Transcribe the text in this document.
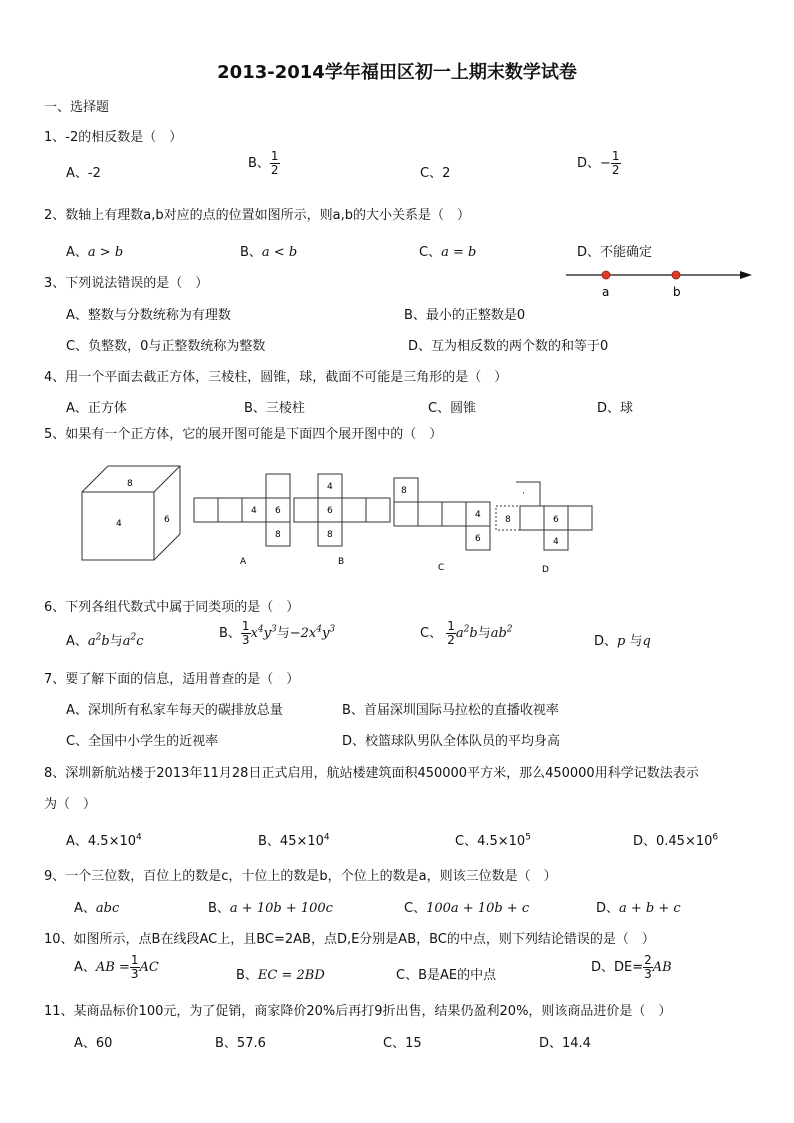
2013-2014学年福田区初一上期末数学试卷
一、选择题
1、-2的相反数是（　）
A、-2
B、 $\frac{1}{2}$	C、2
D、− $\frac{1}{2}$
2、数轴上有理数a,b对应的点的位置如图所示，则a,b的大小关系是（　）
A、a > b	B、a < b	C、a = b	D、不能确定
a	b
3、下列说法错误的是（　）
A、整数与分数统称为有理数	B、最小的正整数是0
C、负整数，0与正整数统称为整数	D、互为相反数的两个数的和等于0
4、用一个平面去截正方体，三棱柱，圆锥，球，截面不可能是三角形的是（　）
A、正方体	B、三棱柱	C、圆锥	D、球
5、如果有一个正方体，它的展开图可能是下面四个展开图中的（　）
8
4	6
4 6
8
A
4
6
8
B
8
4
6
C
8	6
4
·
D
6、下列各组代数式中属于同类项的是（　）
A、$a^2b$与$a^2c$
B、 $\frac{1}{3} x^4y^3$与$-2x^4y^3$	C、 $\frac{1}{2} a^2b$与$ab^2$
D、p 与q
7、要了解下面的信息，适用普查的是（　）
A、深圳所有私家车每天的碳排放总量	B、首届深圳国际马拉松的直播收视率
C、全国中小学生的近视率	D、校篮球队男队全体队员的平均身高
8、深圳新航站楼于2013年11月28日正式启用，航站楼建筑面积450000平方米，那么450000用科学记数法表示
为（　）
A、$4.5\times 10^4$	B、$45\times 10^4$	C、$4.5\times 10^5$	D、$0.45\times 10^6$
9、一个三位数，百位上的数是c，十位上的数是b，个位上的数是a，则该三位数是（　）
A、abc	B、a + 10b + 100c	C、100a + 10b + c	D、a + b + c
10、如图所示，点B在线段AC上，且BC=2AB，点D,E分别是AB，BC的中点，则下列结论错误的是（　）
A、AB = $\frac{1}{3}$ AC
B、EC = 2BD	C、B是AE的中点
D、$DE= \frac{2}{3}$ AB
11、某商品标价100元，为了促销，商家降价20%后再打9折出售，结果仍盈利20%，则该商品进价是（　）
A、60	B、57.6	C、15	D、14.4
